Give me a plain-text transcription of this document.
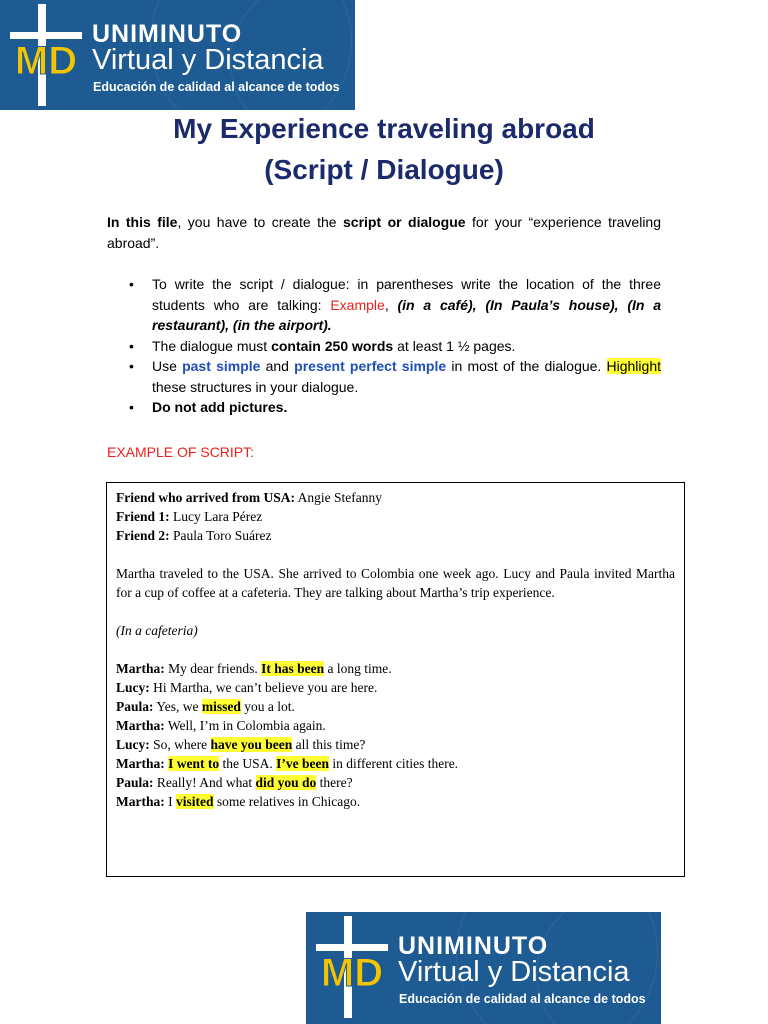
MD
UNIMINUTO
Virtual y Distancia
Educación de calidad al alcance de todos
My Experience traveling abroad
(Script / Dialogue)
In this file, you have to create the script or dialogue for your “experience traveling abroad”.
• To write the script / dialogue: in parentheses write the location of the three students who are talking: Example, (in a café), (In Paula’s house), (In a restaurant), (in the airport).
• The dialogue must contain 250 words at least 1 ½ pages.
• Use past simple and present perfect simple in most of the dialogue. Highlight these structures in your dialogue.
• Do not add pictures.
EXAMPLE OF SCRIPT:

Friend who arrived from USA: Angie Stefanny

Friend 1: Lucy Lara Pérez

Friend 2: Paula Toro Suárez

Martha traveled to the USA. She arrived to Colombia one week ago. Lucy and Paula invited Martha for a cup of coffee at a cafeteria. They are talking about Martha’s trip experience.

(In a cafeteria)

Martha: My dear friends. It has been a long time.

Lucy: Hi Martha, we can’t believe you are here.

Paula: Yes, we missed you a lot.

Martha: Well, I’m in Colombia again.

Lucy: So, where have you been all this time?

Martha: I went to the USA. I’ve been in different cities there.

Paula: Really! And what did you do there?

Martha: I visited some relatives in Chicago.

MD
UNIMINUTO
Virtual y Distancia
Educación de calidad al alcance de todos
